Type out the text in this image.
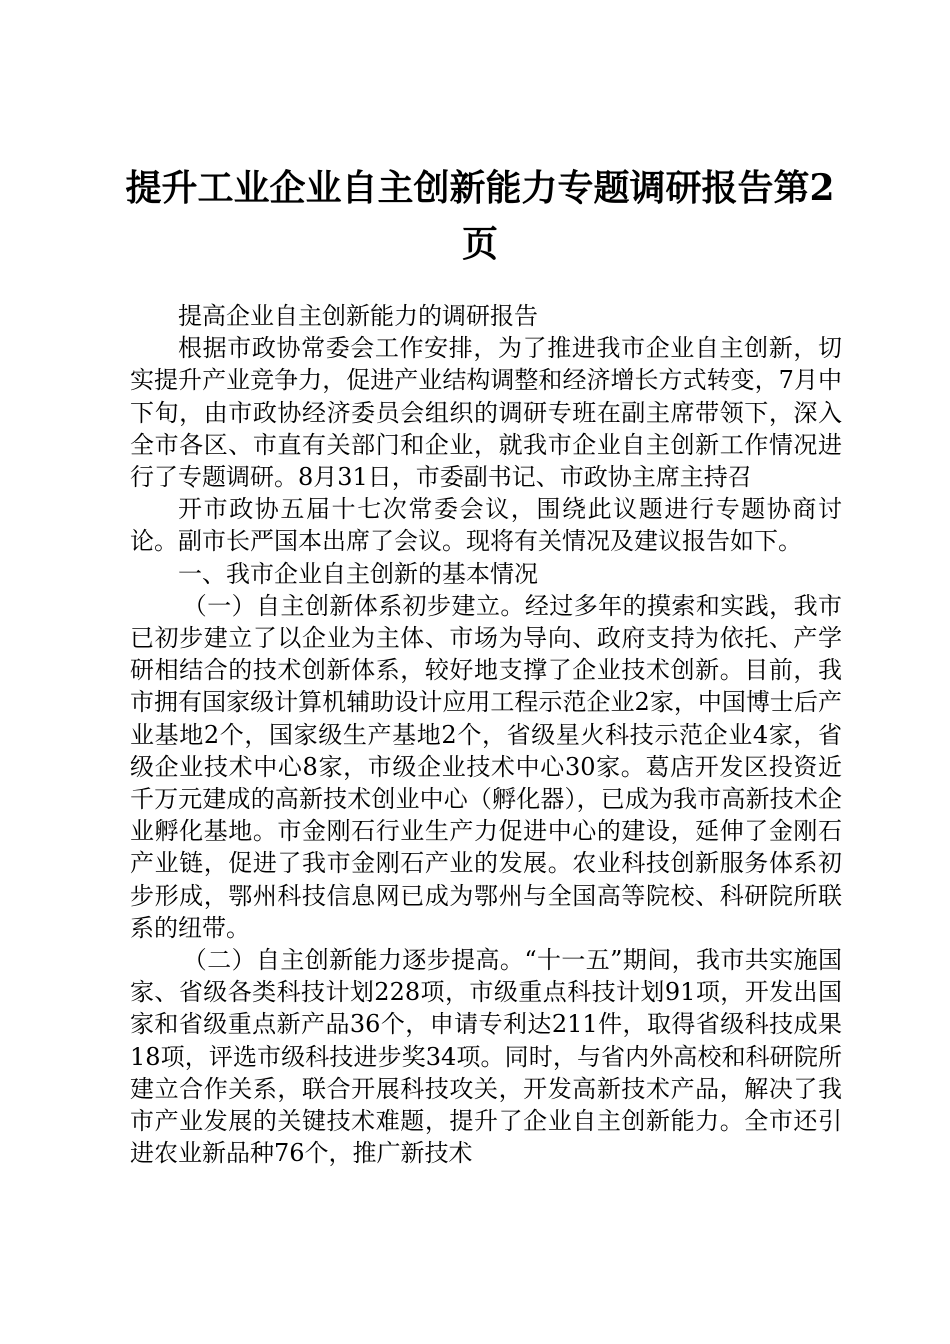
提升工业企业自主创新能力专题调研报告第2页

提高企业自主创新能力的调研报告

根据市政协常委会工作安排，为了推进我市企业自主创新，切实提升产业竞争力，促进产业结构调整和经济增长方式转变，7月中下旬，由市政协经济委员会组织的调研专班在副主席带领下，深入全市各区、市直有关部门和企业，就我市企业自主创新工作情况进行了专题调研。8月31日，市委副书记、市政协主席主持召

开市政协五届十七次常委会议，围绕此议题进行专题协商讨论。副市长严国本出席了会议。现将有关情况及建议报告如下。

一、我市企业自主创新的基本情况

（一）自主创新体系初步建立。经过多年的摸索和实践，我市已初步建立了以企业为主体、市场为导向、政府支持为依托、产学研相结合的技术创新体系，较好地支撑了企业技术创新。目前，我市拥有国家级计算机辅助设计应用工程示范企业2家，中国博士后产业基地2个，国家级生产基地2个，省级星火科技示范企业4家，省级企业技术中心8家，市级企业技术中心30家。葛店开发区投资近千万元建成的高新技术创业中心（孵化器），已成为我市高新技术企业孵化基地。市金刚石行业生产力促进中心的建设，延伸了金刚石产业链，促进了我市金刚石产业的发展。农业科技创新服务体系初步形成，鄂州科技信息网已成为鄂州与全国高等院校、科研院所联系的纽带。

（二）自主创新能力逐步提高。“十一五”期间，我市共实施国家、省级各类科技计划228项，市级重点科技计划91项，开发出国家和省级重点新产品36个，申请专利达211件，取得省级科技成果18项，评选市级科技进步奖34项。同时，与省内外高校和科研院所建立合作关系，联合开展科技攻关，开发高新技术产品，解决了我市产业发展的关键技术难题，提升了企业自主创新能力。全市还引进农业新品种76个，推广新技术
